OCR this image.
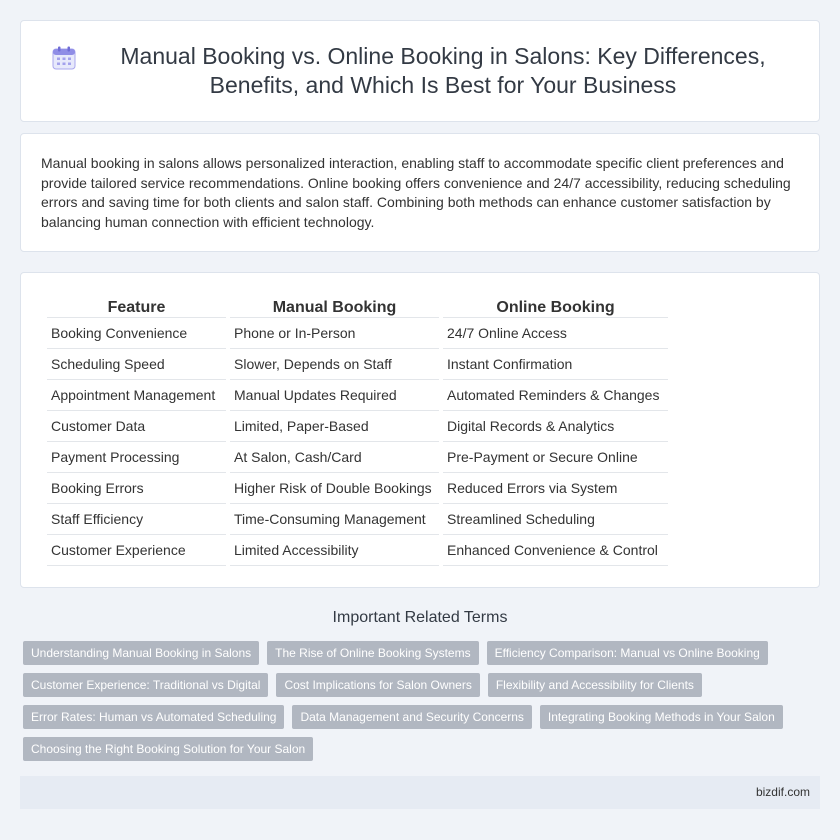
Manual Booking vs. Online Booking in Salons: Key Differences, Benefits, and Which Is Best for Your Business

Manual booking in salons allows personalized interaction, enabling staff to accommodate specific client preferences and provide tailored service recommendations. Online booking offers convenience and 24/7 accessibility, reducing scheduling errors and saving time for both clients and salon staff. Combining both methods can enhance customer satisfaction by balancing human connection with efficient technology.

Feature	Manual Booking	Online Booking
Booking Convenience	Phone or In-Person	24/7 Online Access
Scheduling Speed	Slower, Depends on Staff	Instant Confirmation
Appointment Management	Manual Updates Required	Automated Reminders & Changes
Customer Data	Limited, Paper-Based	Digital Records & Analytics
Payment Processing	At Salon, Cash/Card	Pre-Payment or Secure Online
Booking Errors	Higher Risk of Double Bookings	Reduced Errors via System
Staff Efficiency	Time-Consuming Management	Streamlined Scheduling
Customer Experience	Limited Accessibility	Enhanced Convenience & Control
Important Related Terms
Understanding Manual Booking in Salons	The Rise of Online Booking Systems	Efficiency Comparison: Manual vs Online Booking
Customer Experience: Traditional vs Digital	Cost Implications for Salon Owners	Flexibility and Accessibility for Clients
Error Rates: Human vs Automated Scheduling	Data Management and Security Concerns	Integrating Booking Methods in Your Salon
Choosing the Right Booking Solution for Your Salon
bizdif.com
